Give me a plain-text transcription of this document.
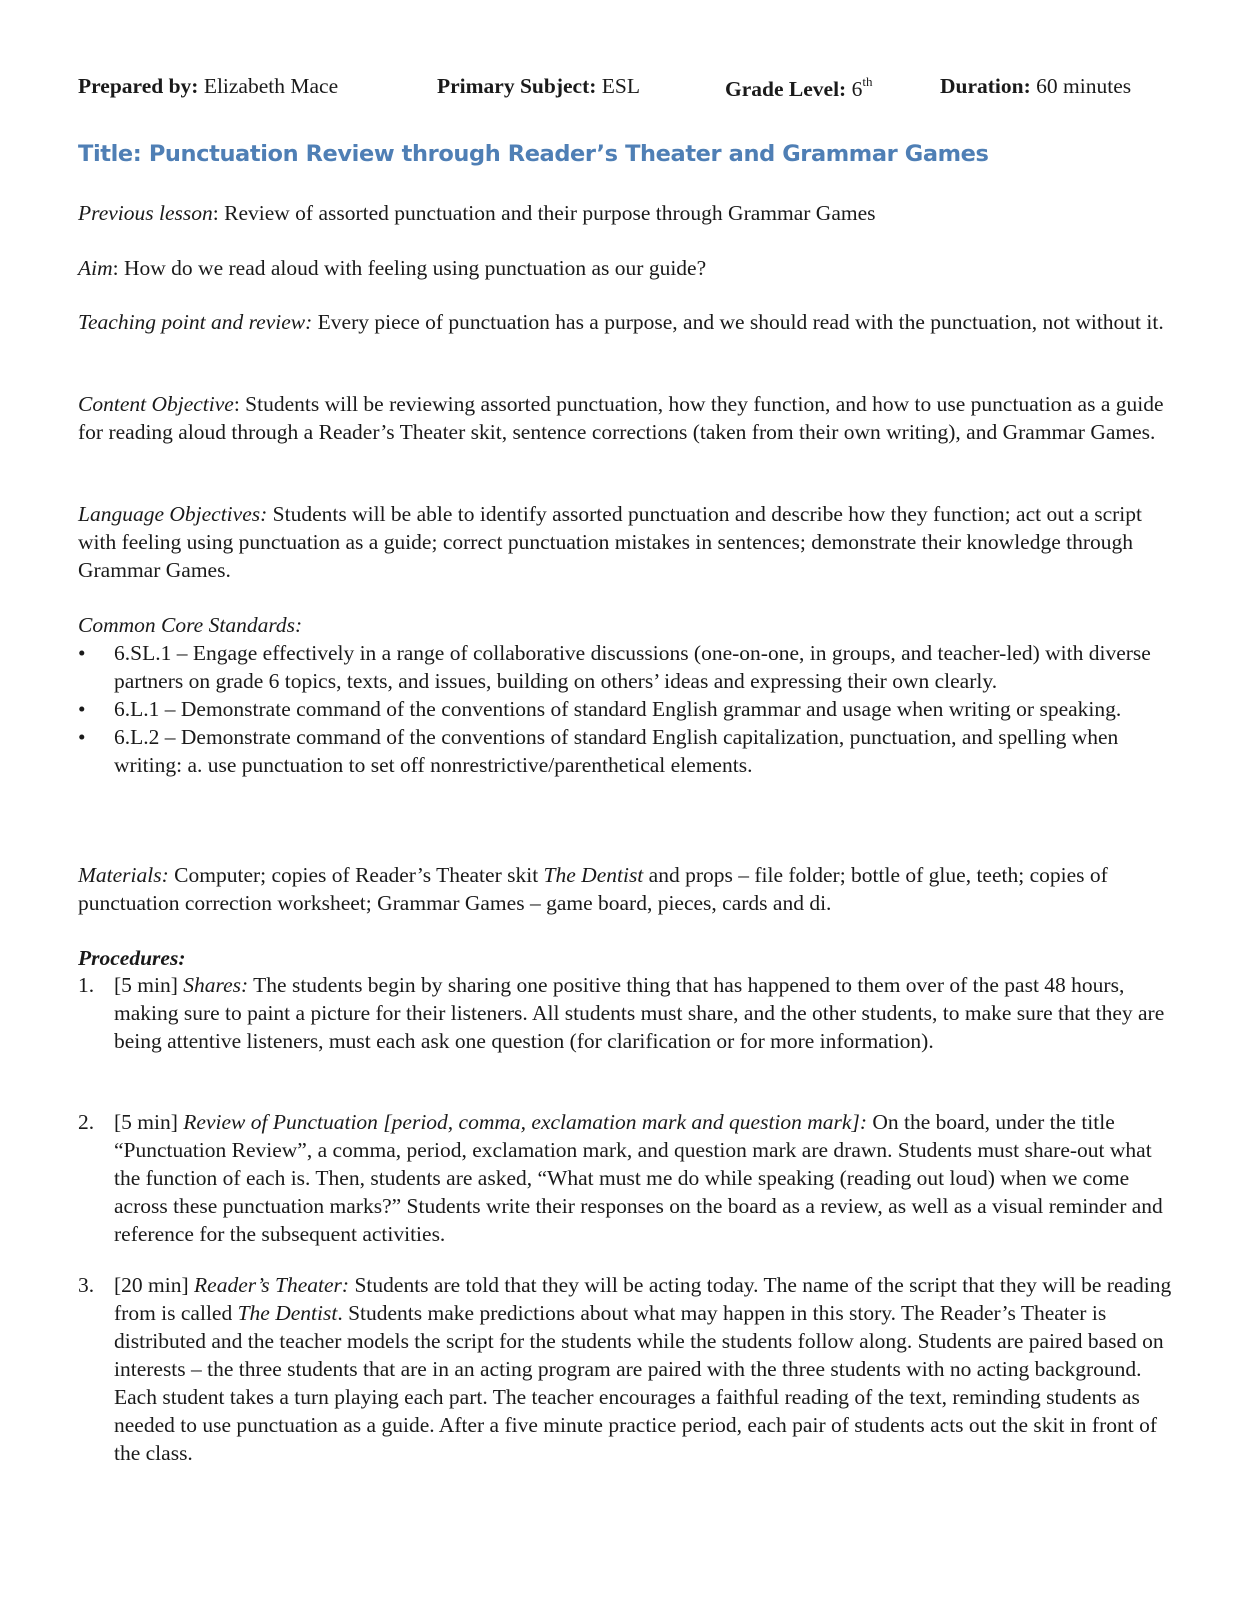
Prepared by: Elizabeth Mace	Primary Subject: ESL	Grade Level: 6th	Duration: 60 minutes
Title: Punctuation Review through Reader’s Theater and Grammar Games
Previous lesson: Review of assorted punctuation and their purpose through Grammar Games
Aim: How do we read aloud with feeling using punctuation as our guide?
Teaching point and review: Every piece of punctuation has a purpose, and we should read with the punctuation, not without it.
Content Objective: Students will be reviewing assorted punctuation, how they function, and how to use punctuation as a guide for reading aloud through a Reader’s Theater skit, sentence corrections (taken from their own writing), and Grammar Games.
Language Objectives: Students will be able to identify assorted punctuation and describe how they function; act out a script with feeling using punctuation as a guide; correct punctuation mistakes in sentences; demonstrate their knowledge through Grammar Games.
Common Core Standards:
•	6.SL.1 – Engage effectively in a range of collaborative discussions (one-on-one, in groups, and teacher-led) with diverse partners on grade 6 topics, texts, and issues, building on others’ ideas and expressing their own clearly.
•	6.L.1 – Demonstrate command of the conventions of standard English grammar and usage when writing or speaking.
•	6.L.2 – Demonstrate command of the conventions of standard English capitalization, punctuation, and spelling when writing: a. use punctuation to set off nonrestrictive/parenthetical elements.
Materials: Computer; copies of Reader’s Theater skit The Dentist and props – file folder; bottle of glue, teeth; copies of punctuation correction worksheet; Grammar Games – game board, pieces, cards and di.
Procedures:
1. [5 min] Shares: The students begin by sharing one positive thing that has happened to them over of the past 48 hours, making sure to paint a picture for their listeners. All students must share, and the other students, to make sure that they are being attentive listeners, must each ask one question (for clarification or for more information).
2. [5 min] Review of Punctuation [period, comma, exclamation mark and question mark]: On the board, under the title “Punctuation Review”, a comma, period, exclamation mark, and question mark are drawn. Students must share-out what the function of each is. Then, students are asked, “What must me do while speaking (reading out loud) when we come across these punctuation marks?” Students write their responses on the board as a review, as well as a visual reminder and reference for the subsequent activities.
3. [20 min] Reader’s Theater: Students are told that they will be acting today. The name of the script that they will be reading from is called The Dentist. Students make predictions about what may happen in this story. The Reader’s Theater is distributed and the teacher models the script for the students while the students follow along. Students are paired based on interests – the three students that are in an acting program are paired with the three students with no acting background. Each student takes a turn playing each part. The teacher encourages a faithful reading of the text, reminding students as needed to use punctuation as a guide. After a five minute practice period, each pair of students acts out the skit in front of the class.
